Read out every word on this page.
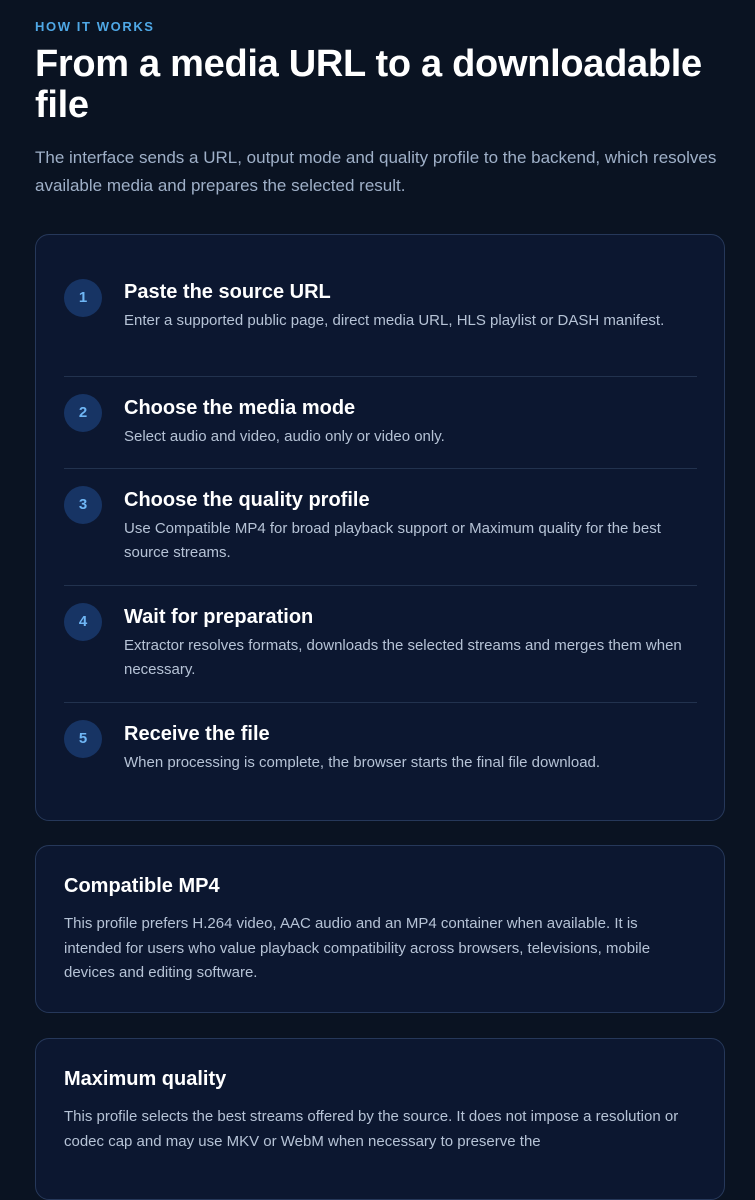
HOW IT WORKS
From a media URL to a downloadable file

The interface sends a URL, output mode and quality profile to the backend, which resolves available media and prepares the selected result.

1	Paste the source URL
Enter a supported public page, direct media URL, HLS playlist or DASH manifest.
2	Choose the media mode
Select audio and video, audio only or video only.
3	Choose the quality profile
Use Compatible MP4 for broad playback support or Maximum quality for the best source streams.
4	Wait for preparation
Extractor resolves formats, downloads the selected streams and merges them when necessary.
5	Receive the file
When processing is complete, the browser starts the final file download.
Compatible MP4
This profile prefers H.264 video, AAC audio and an MP4 container when available. It is intended for users who value playback compatibility across browsers, televisions, mobile devices and editing software.
Maximum quality
This profile selects the best streams offered by the source. It does not impose a resolution or codec cap and may use MKV or WebM when necessary to preserve the
